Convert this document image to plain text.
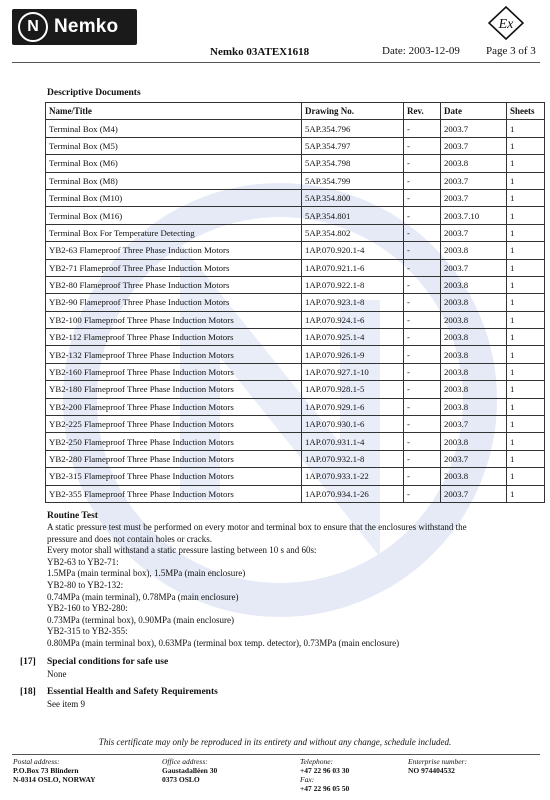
N Nemko	Ex
Nemko 03ATEX1618	Date: 2003-12-09 Page 3 of 3
Descriptive Documents
Name/Title	Drawing No.	Rev.	Date	Sheets
Terminal Box (M4)	5AP.354.796	-	2003.7	1
Terminal Box (M5)	5AP.354.797	-	2003.7	1
Terminal Box (M6)	5AP.354.798	-	2003.8	1
Terminal Box (M8)	5AP.354.799	-	2003.7	1
Terminal Box (M10)	5AP.354.800	-	2003.7	1
Terminal Box (M16)	5AP.354.801	-	2003.7.10	1
Terminal Box For Temperature Detecting	5AP.354.802	-	2003.7	1
YB2-63 Flameproof Three Phase Induction Motors	1AP.070.920.1-4	-	2003.8	1
YB2-71 Flameproof Three Phase Induction Motors	1AP.070.921.1-6	-	2003.7	1
YB2-80 Flameproof Three Phase Induction Motors	1AP.070.922.1-8	-	2003.8	1
YB2-90 Flameproof Three Phase Induction Motors	1AP.070.923.1-8	-	2003.8	1
YB2-100 Flameproof Three Phase Induction Motors	1AP.070.924.1-6	-	2003.8	1
YB2-112 Flameproof Three Phase Induction Motors	1AP.070.925.1-4	-	2003.8	1
YB2-132 Flameproof Three Phase Induction Motors	1AP.070.926.1-9	-	2003.8	1
YB2-160 Flameproof Three Phase Induction Motors	1AP.070.927.1-10	-	2003.8	1
YB2-180 Flameproof Three Phase Induction Motors	1AP.070.928.1-5	-	2003.8	1
YB2-200 Flameproof Three Phase Induction Motors	1AP.070.929.1-6	-	2003.8	1
YB2-225 Flameproof Three Phase Induction Motors	1AP.070.930.1-6	-	2003.7	1
YB2-250 Flameproof Three Phase Induction Motors	1AP.070.931.1-4	-	2003.8	1
YB2-280 Flameproof Three Phase Induction Motors	1AP.070.932.1-8	-	2003.7	1
YB2-315 Flameproof Three Phase Induction Motors	1AP.070.933.1-22	-	2003.8	1
YB2-355 Flameproof Three Phase Induction Motors	1AP.070.934.1-26	-	2003.7	1
Routine Test
A static pressure test must be performed on every motor and terminal box to ensure that the enclosures withstand the
pressure and does not contain holes or cracks.
Every motor shall withstand a static pressure lasting between 10 s and 60s:
YB2-63 to YB2-71:
1.5MPa (main terminal box), 1.5MPa (main enclosure)
YB2-80 to YB2-132:
0.74MPa (main terminal), 0.78MPa (main enclosure)
YB2-160 to YB2-280:
0.73MPa (terminal box), 0.90MPa (main enclosure)
YB2-315 to YB2-355:
0.80MPa (main terminal box), 0.63MPa (terminal box temp. detector), 0.73MPa (main enclosure)
[17] Special conditions for safe use
None
[18] Essential Health and Safety Requirements
See item 9
This certificate may only be reproduced in its entirety and without any change, schedule included.
Postal address:
P.O.Box 73 Blindern
N-0314 OSLO, NORWAY
Office address:
Gaustadalléen 30
0373 OSLO
Telephone:
+47 22 96 03 30
Fax:
+47 22 96 05 50
Enterprise number:
NO 974404532
